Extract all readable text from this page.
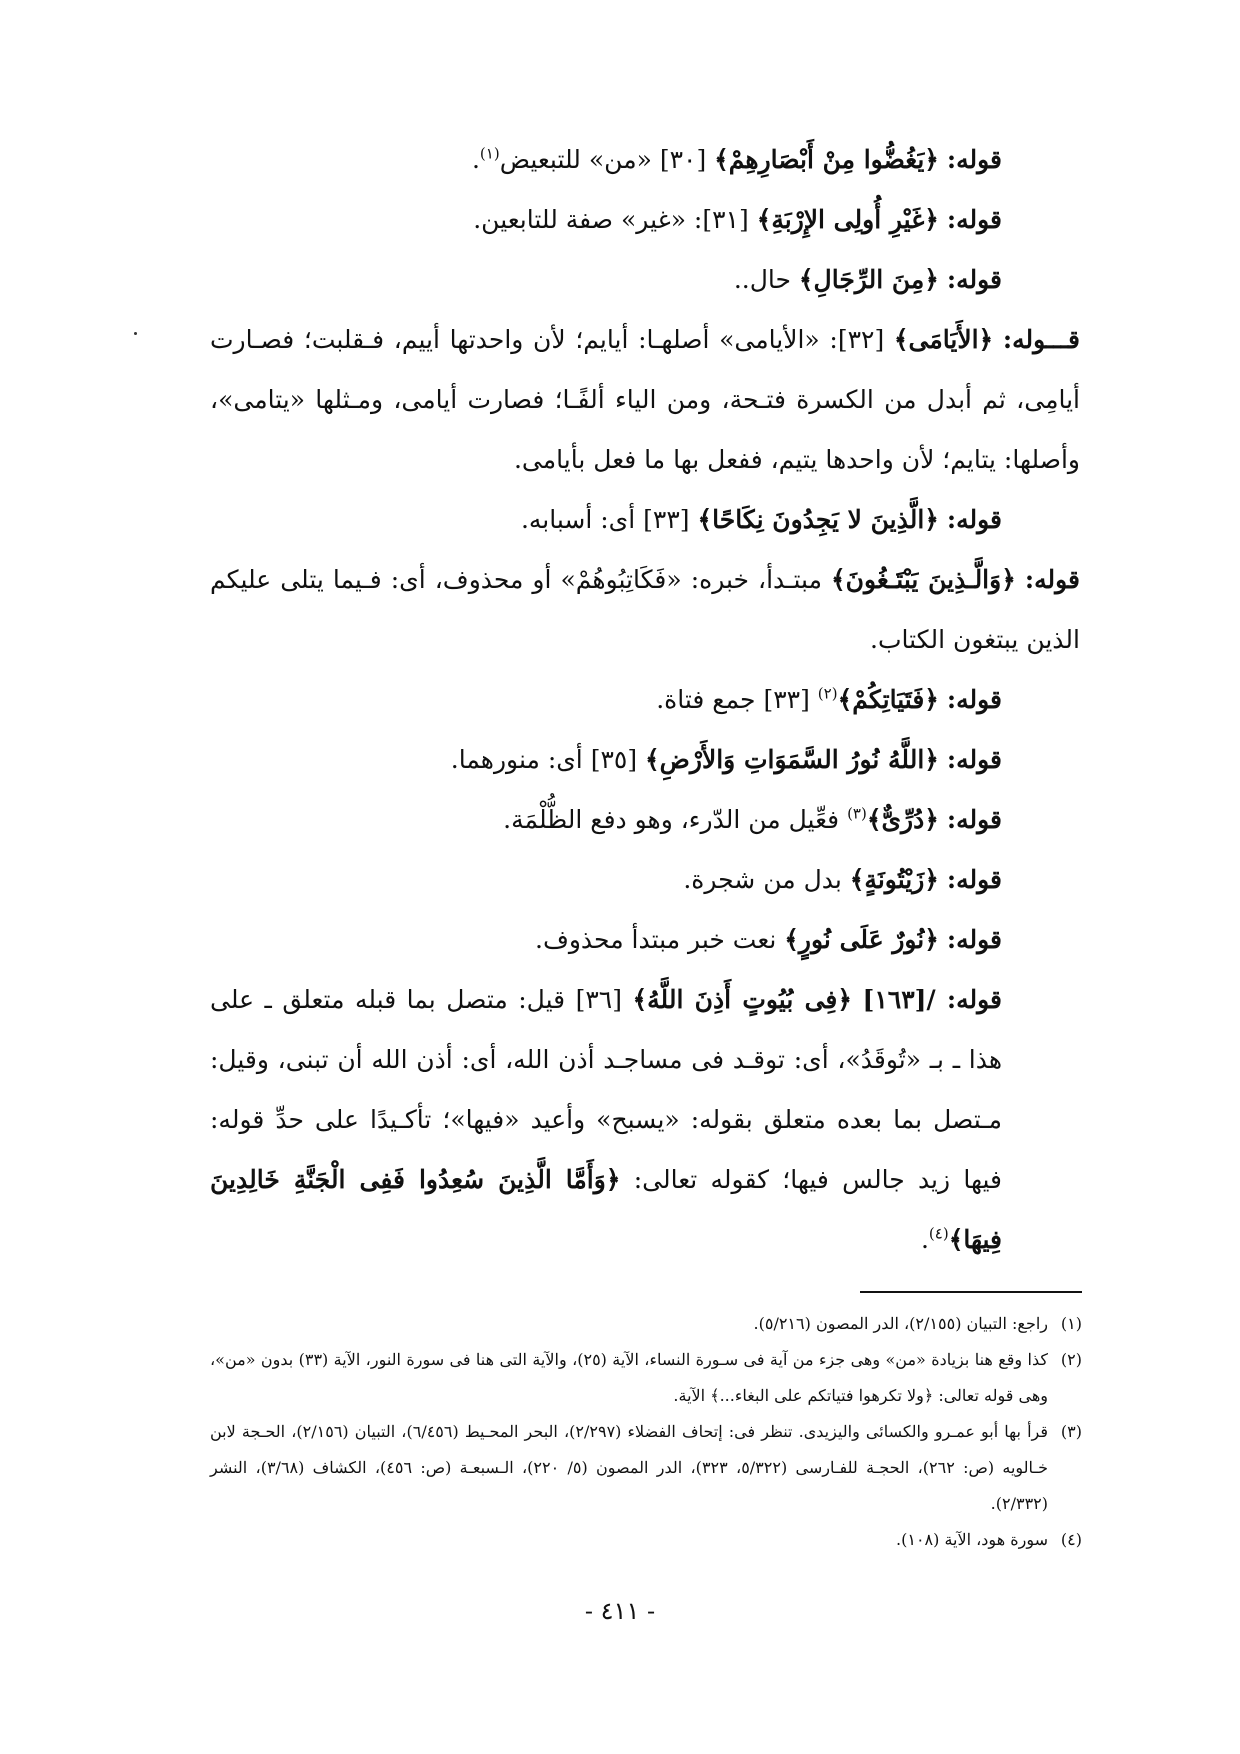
قوله: ﴿يَغُضُّوا مِنْ أَبْصَارِهِمْ﴾ [٣٠] «من» للتبعيض$^{(١)}$.

قوله: ﴿غَيْرِ أُولِى الإِرْبَةِ﴾ [٣١]: «غير» صفة للتابعين.

قوله: ﴿مِنَ الرِّجَالِ﴾ حال..

قـــوله: ﴿الأَيَامَى﴾ [٣٢]: «الأيامى» أصلهـا: أيايم؛ لأن واحدتها أييم، فـقلبت؛ فصـارت أيامِى، ثم أبدل من الكسرة فتـحة، ومن الياء ألفًـا؛ فصارت أيامى، ومـثلها «يتامى»، وأصلها: يتايم؛ لأن واحدها يتيم، ففعل بها ما فعل بأيامى.

قوله: ﴿الَّذِينَ لا يَجِدُونَ نِكَاحًا﴾ [٣٣] أى: أسبابه.

قوله: ﴿وَالَّـذِينَ يَبْتَـغُونَ﴾ مبتـدأ، خبره: «فَكَاتِبُوهُمْ» أو محذوف، أى: فـيما يتلى عليكم الذين يبتغون الكتاب.

قوله: ﴿فَتَيَاتِكُمْ﴾$^{(٢)}$ [٣٣] جمع فتاة.

قوله: ﴿اللَّهُ نُورُ السَّمَوَاتِ وَالأَرْضِ﴾ [٣٥] أى: منورهما.

قوله: ﴿دُرِّىٌّ﴾$^{(٣)}$ فعِّيل من الدّرء، وهو دفع الظُّلْمَة.

قوله: ﴿زَيْتُونَةٍ﴾ بدل من شجرة.

قوله: ﴿نُورٌ عَلَى نُورٍ﴾ نعت خبر مبتدأ محذوف.

قوله: /[١٦٣] ﴿فِى بُيُوتٍ أَذِنَ اللَّهُ﴾ [٣٦] قيل: متصل بما قبله متعلق ـ على هذا ـ بـ «تُوقَدُ»، أى: توقـد فى مساجـد أذن الله، أى: أذن الله أن تبنى، وقيل: مـتصل بما بعده متعلق بقوله: «يسبح» وأعيد «فيها»؛ تأكـيدًا على حدِّ قوله: فيها زيد جالس فيها؛ كقوله تعالى: ﴿وَأَمَّا الَّذِينَ سُعِدُوا فَفِى الْجَنَّةِ خَالِدِينَ فِيهَا﴾$^{(٤)}$.

(١)
راجع: التبيان (٢/١٥٥)، الدر المصون (٥/٢١٦).
(٢)
كذا وقع هنا بزيادة «من» وهى جزء من آية فى سـورة النساء، الآية (٢٥)، والآية التى هنا فى سورة النور، الآية (٣٣) بدون «من»، وهى قوله تعالى: ﴿ولا تكرهوا فتياتكم على البغاء...﴾ الآية.
(٣)
قرأ بها أبو عمـرو والكسائى واليزيدى. تنظر فى: إتحاف الفضلاء (٢/٢٩٧)، البحر المحـيط (٦/٤٥٦)، التبيان (٢/١٥٦)، الحـجة لابن خـالويه (ص: ٢٦٢)، الحجـة للفـارسى (٥/٣٢٢، ٣٢٣)، الدر المصون (٥/ ٢٢٠)، الـسبعـة (ص: ٤٥٦)، الكشاف (٣/٦٨)، النشر (٢/٣٣٢).
(٤)
سورة هود، الآية (١٠٨).
- ٤١١ -
